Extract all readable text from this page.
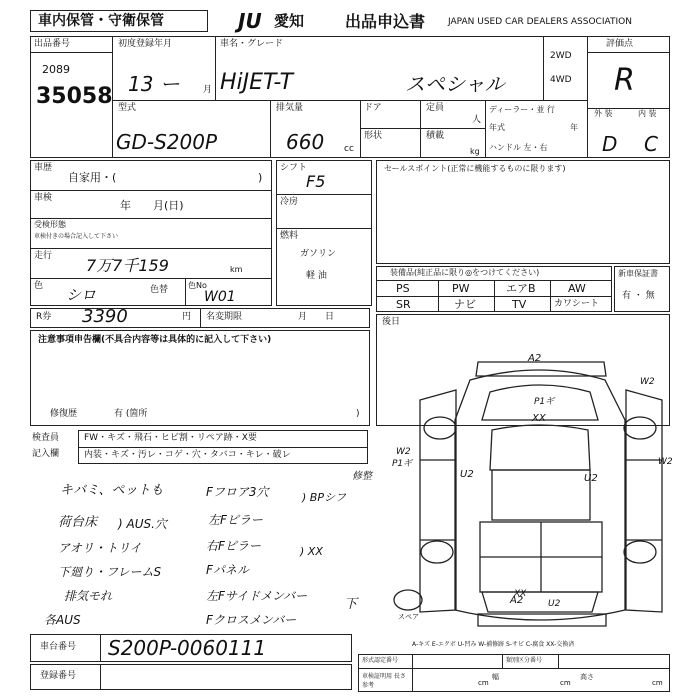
車内保管・守衛保管	JU 愛知	出品申込書	JAPAN USED CAR DEALERS ASSOCIATION
出品番号
2089
35058
初度登録年月
13 ー	月
車名・グレード
HiJET-T	スペシャル
2WD
4WD
評価点
R
型式
GD-S200P
排気量
660 cc
ドア
形状
定員
人
積載
kg
ディーラー・並 行
年式	年
ハンドル 左・右
外 装	内 装
D C
車歴
自家用・(	)
車検
年　　月(日)
受検形態
車検付きの場合記入して下さい
走行 7万7千159	km
色 シロ	色替 色No
W01
R券 3390	円 名変期限	月　　日
注意事項申告欄(不具合内容等は具体的に記入して下さい)
修復歴	有 (箇所	)
シフト
F5
冷房
燃料
ガソリン
軽 油
セールスポイント(正常に機能するものに限ります)
装備品(純正品に限り◎をつけてください)
PS	PW	エアB	AW
SR	ナビ	TV	カワシート
新車保証書
有 ・ 無
後日
検査員
記入欄
FW・キズ・飛石・ヒビ割・リペア跡・X要
内装・キズ・汚レ・コゲ・穴・タバコ・キレ・破レ
キバミ、ペットも
荷台床
アオリ・トリイ
下廻り・フレームS
排気モれ
各AUS
) AUS.穴
Fフロア3穴
左Fピラー
右Fピラー
Fパネル
左Fサイドメンバー
Fクロスメンバー
) BPシフ
) XX
下
修整
A2
A2
W2
W2
W2
XX
XX
P1ギ
P1ギ
U2	U2
U2
スペア
A-キズ E-エクボ U-凹み W-補修跡 S-サビ C-腐食 XX-交換済
車台番号 S200P-0060111
登録番号
形式認定番号	類別区分番号
車検証明用 長さ
参考	cm
幅
cm
高さ
cm
